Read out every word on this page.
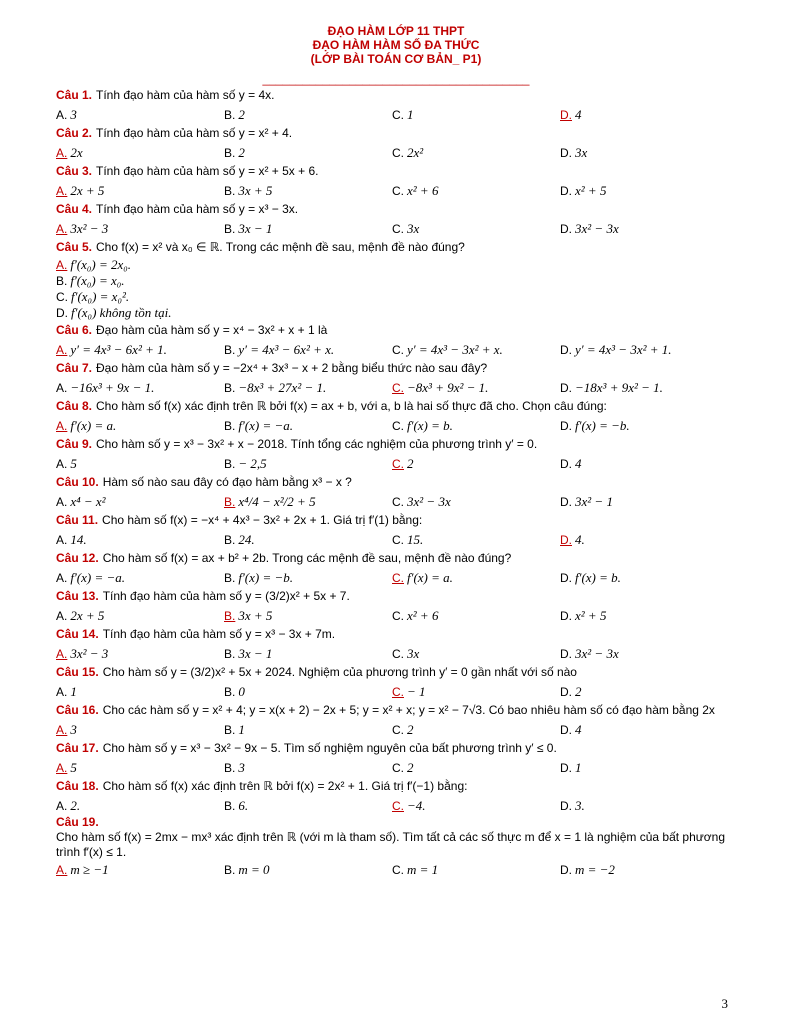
ĐẠO HÀM LỚP 11 THPT
ĐẠO HÀM HÀM SỐ ĐA THỨC
(LỚP BÀI TOÁN CƠ BẢN_ P1)
________________________________________
Câu 1. Tính đạo hàm của hàm số y = 4x.
A. 3	B. 2	C. 1	D. 4
Câu 2. Tính đạo hàm của hàm số y = x² + 4.
A. 2x	B. 2	C. 2x²	D. 3x
Câu 3. Tính đạo hàm của hàm số y = x² + 5x + 6.
A. 2x + 5	B. 3x + 5	C. x² + 6	D. x² + 5
Câu 4. Tính đạo hàm của hàm số y = x³ − 3x.
A. 3x² − 3	B. 3x − 1	C. 3x	D. 3x² − 3x
Câu 5. Cho f(x) = x² và x₀ ∈ ℝ. Trong các mệnh đề sau, mệnh đề nào đúng?
A. f′(x₀) = 2x₀.
B. f′(x₀) = x₀.
C. f′(x₀) = x₀².
D. f′(x₀) không tồn tại.
Câu 6. Đạo hàm của hàm số y = x⁴ − 3x² + x + 1 là
A. y′ = 4x³ − 6x² + 1.	B. y′ = 4x³ − 6x² + x.	C. y′ = 4x³ − 3x² + x.	D. y′ = 4x³ − 3x² + 1.
Câu 7. Đạo hàm của hàm số y = −2x⁴ + 3x³ − x + 2 bằng biểu thức nào sau đây?
A. −16x³ + 9x − 1.	B. −8x³ + 27x² − 1.	C. −8x³ + 9x² − 1.	D. −18x³ + 9x² − 1.
Câu 8. Cho hàm số f(x) xác định trên ℝ bởi f(x) = ax + b, với a, b là hai số thực đã cho. Chọn câu đúng:
A. f′(x) = a.	B. f′(x) = −a.	C. f′(x) = b.	D. f′(x) = −b.
Câu 9. Cho hàm số y = x³ − 3x² + x − 2018. Tính tổng các nghiệm của phương trình y′ = 0.
A. 5	B. − 2,5	C. 2	D. 4
Câu 10. Hàm số nào sau đây có đạo hàm bằng x³ − x ?
A. x⁴ − x²	B. x⁴/4 − x²/2 + 5	C. 3x² − 3x	D. 3x² − 1
Câu 11. Cho hàm số f(x) = −x⁴ + 4x³ − 3x² + 2x + 1. Giá trị f′(1) bằng:
A. 14.	B. 24.	C. 15.	D. 4.
Câu 12. Cho hàm số f(x) = ax + b² + 2b. Trong các mệnh đề sau, mệnh đề nào đúng?
A. f′(x) = −a.	B. f′(x) = −b.	C. f′(x) = a.	D. f′(x) = b.
Câu 13. Tính đạo hàm của hàm số y = (3/2)x² + 5x + 7.
A. 2x + 5	B. 3x + 5	C. x² + 6	D. x² + 5
Câu 14. Tính đạo hàm của hàm số y = x³ − 3x + 7m.
A. 3x² − 3	B. 3x − 1	C. 3x	D. 3x² − 3x
Câu 15. Cho hàm số y = (3/2)x² + 5x + 2024. Nghiệm của phương trình y′ = 0 gần nhất với số nào
A. 1	B. 0	C. − 1	D. 2
Câu 16. Cho các hàm số y = x² + 4; y = x(x + 2) − 2x + 5; y = x² + x; y = x² − 7√3. Có bao nhiêu hàm số có đạo hàm bằng 2x
A. 3	B. 1	C. 2	D. 4
Câu 17. Cho hàm số y = x³ − 3x² − 9x − 5. Tìm số nghiệm nguyên của bất phương trình y′ ≤ 0.
A. 5	B. 3	C. 2	D. 1
Câu 18. Cho hàm số f(x) xác định trên ℝ bởi f(x) = 2x² + 1. Giá trị f′(−1) bằng:
A. 2.	B. 6.	C. −4.	D. 3.
Câu 19.
Cho hàm số f(x) = 2mx − mx³ xác định trên ℝ (với m là tham số). Tìm tất cả các số thực m để x = 1 là nghiệm của bất phương trình f′(x) ≤ 1.
A. m ≥ −1	B. m = 0	C. m = 1	D. m = −2
3
